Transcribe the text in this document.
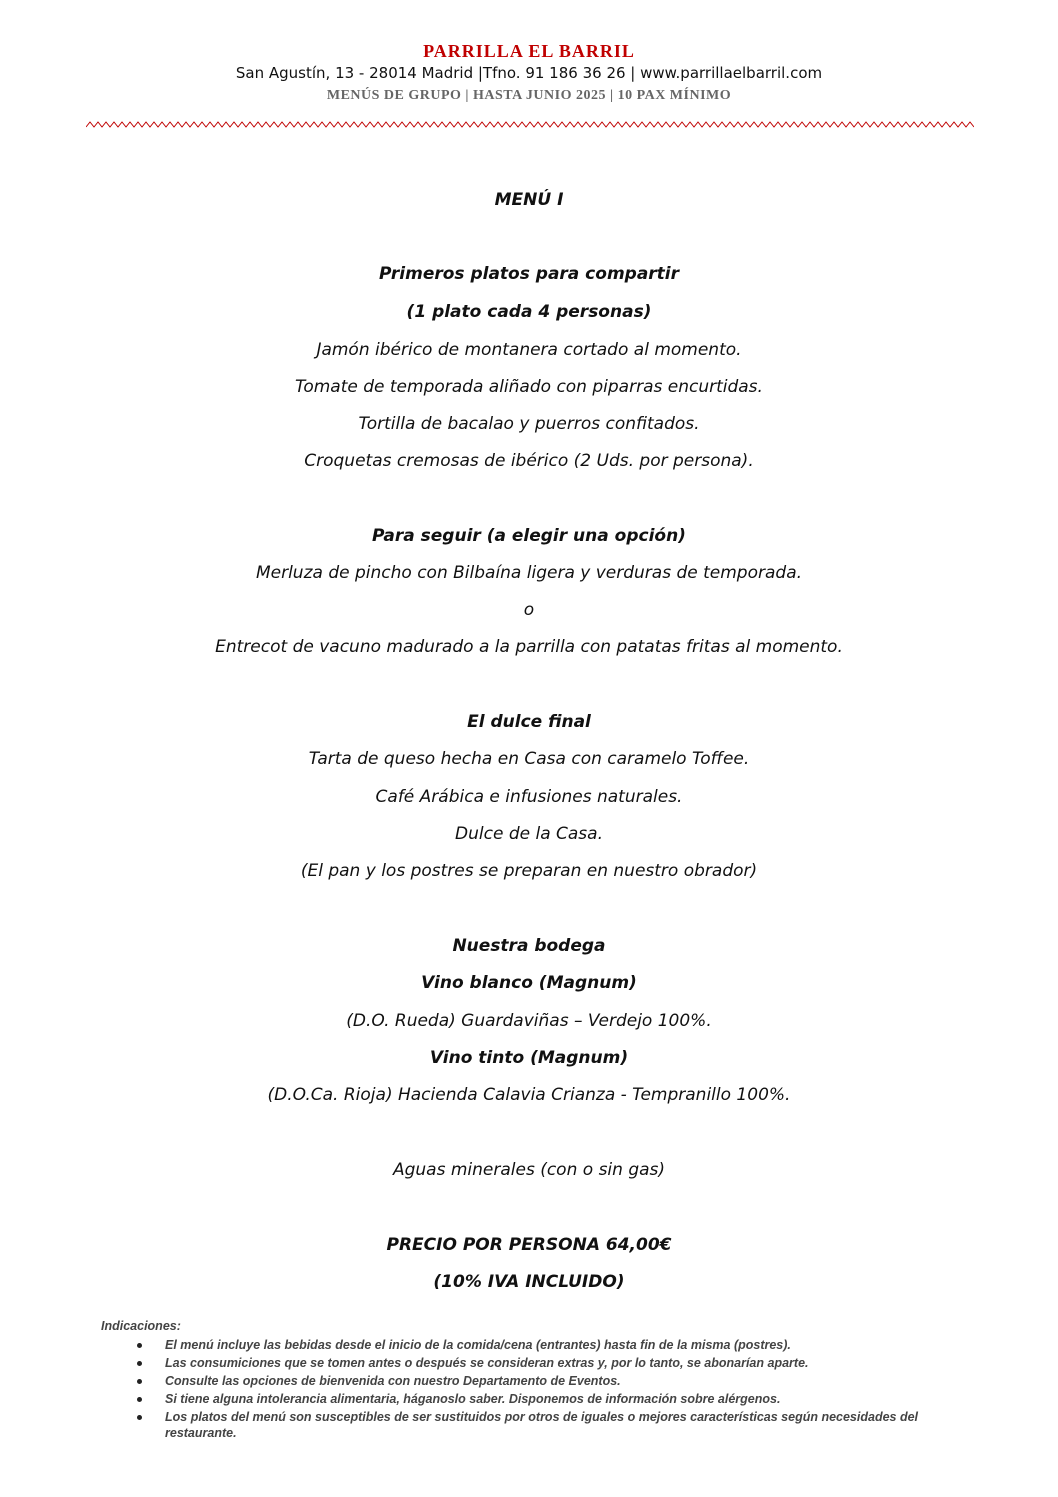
PARRILLA EL BARRIL
San Agustín, 13 - 28014 Madrid |Tfno. 91 186 36 26 | www.parrillaelbarril.com
MENÚS DE GRUPO | HASTA JUNIO 2025 | 10 PAX MÍNIMO
MENÚ I
Primeros platos para compartir
(1 plato cada 4 personas)
Jamón ibérico de montanera cortado al momento.
Tomate de temporada aliñado con piparras encurtidas.
Tortilla de bacalao y puerros confitados.
Croquetas cremosas de ibérico (2 Uds. por persona).
Para seguir (a elegir una opción)
Merluza de pincho con Bilbaína ligera y verduras de temporada.
o
Entrecot de vacuno madurado a la parrilla con patatas fritas al momento.
El dulce final
Tarta de queso hecha en Casa con caramelo Toffee.
Café Arábica e infusiones naturales.
Dulce de la Casa.
(El pan y los postres se preparan en nuestro obrador)
Nuestra bodega
Vino blanco (Magnum)
(D.O. Rueda) Guardaviñas – Verdejo 100%.
Vino tinto (Magnum)
(D.O.Ca. Rioja) Hacienda Calavia Crianza - Tempranillo 100%.
Aguas minerales (con o sin gas)
PRECIO POR PERSONA 64,00€
(10% IVA INCLUIDO)
Indicaciones:
El menú incluye las bebidas desde el inicio de la comida/cena (entrantes) hasta fin de la misma (postres).
Las consumiciones que se tomen antes o después se consideran extras y, por lo tanto, se abonarían aparte.
Consulte las opciones de bienvenida con nuestro Departamento de Eventos.
Si tiene alguna intolerancia alimentaria, háganoslo saber. Disponemos de información sobre alérgenos.
Los platos del menú son susceptibles de ser sustituidos por otros de iguales o mejores características según necesidades del restaurante.
